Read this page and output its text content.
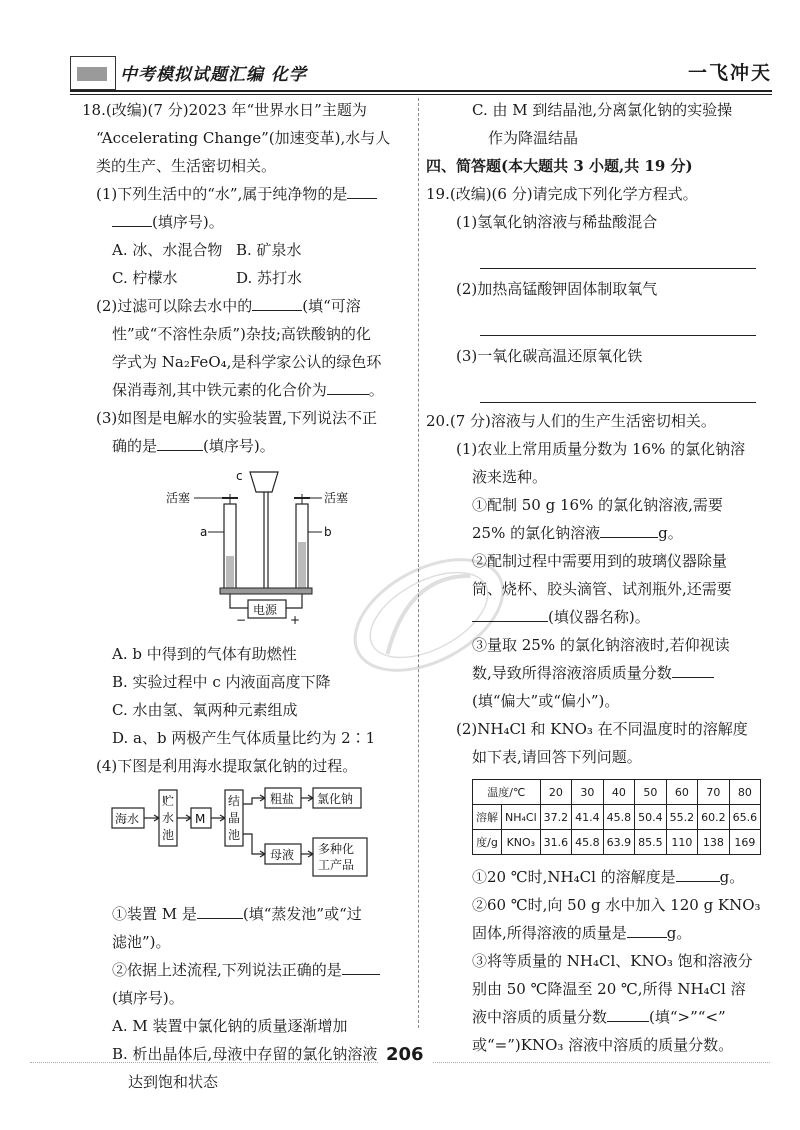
中考模拟试题汇编 化学	一飞冲天
18.(改编)(7 分)2023 年“世界水日”主题为
“Accelerating Change”(加速变革),水与人
类的生产、生活密切相关。
(1)下列生活中的“水”,属于纯净物的是
(填序号)。
A. 冰、水混合物 B. 矿泉水
C. 柠檬水	D. 苏打水
(2)过滤可以除去水中的	(填“可溶
性”或“不溶性杂质”)杂技;高铁酸钠的化
学式为 Na₂FeO₄,是科学家公认的绿色环
保消毒剂,其中铁元素的化合价为	。
(3)如图是电解水的实验装置,下列说法不正
确的是	(填序号)。
c
活塞	活塞
a	b
电源
−	+
A. b 中得到的气体有助燃性
B. 实验过程中 c 内液面高度下降
C. 水由氢、氧两种元素组成
D. a、b 两极产生气体质量比约为 2∶1
(4)下图是利用海水提取氯化钠的过程。
海水
贮
水
池
M
结
晶
池
粗盐 氯化钠
母液 多种化
工产品
①装置 M 是	(填“蒸发池”或“过
滤池”)。
②依据上述流程,下列说法正确的是
(填序号)。
A. M 装置中氯化钠的质量逐渐增加
B. 析出晶体后,母液中存留的氯化钠溶液
达到饱和状态
C. 由 M 到结晶池,分离氯化钠的实验操
作为降温结晶
四、简答题(本大题共 3 小题,共 19 分)
19.(改编)(6 分)请完成下列化学方程式。
(1)氢氧化钠溶液与稀盐酸混合
(2)加热高锰酸钾固体制取氧气
(3)一氧化碳高温还原氧化铁
20.(7 分)溶液与人们的生产生活密切相关。
(1)农业上常用质量分数为 16% 的氯化钠溶
液来选种。
①配制 50 g 16% 的氯化钠溶液,需要
25% 的氯化钠溶液	g。
②配制过程中需要用到的玻璃仪器除量
筒、烧杯、胶头滴管、试剂瓶外,还需要
(填仪器名称)。
③量取 25% 的氯化钠溶液时,若仰视读
数,导致所得溶液溶质质量分数
(填“偏大”或“偏小”)。
(2)NH₄Cl 和 KNO₃ 在不同温度时的溶解度
如下表,请回答下列问题。
温度/℃		20	30	40	50	60	70	80
溶解	NH₄Cl	37.2	41.4	45.8	50.4	55.2	60.2	65.6
度/g	KNO₃	31.6	45.8	63.9	85.5	110	138	169
①20 ℃时,NH₄Cl 的溶解度是	g。
②60 ℃时,向 50 g 水中加入 120 g KNO₃
固体,所得溶液的质量是	g。
③将等质量的 NH₄Cl、KNO₃ 饱和溶液分
别由 50 ℃降温至 20 ℃,所得 NH₄Cl 溶
液中溶质的质量分数	(填“>”“<”
或“=”)KNO₃ 溶液中溶质的质量分数。
206
